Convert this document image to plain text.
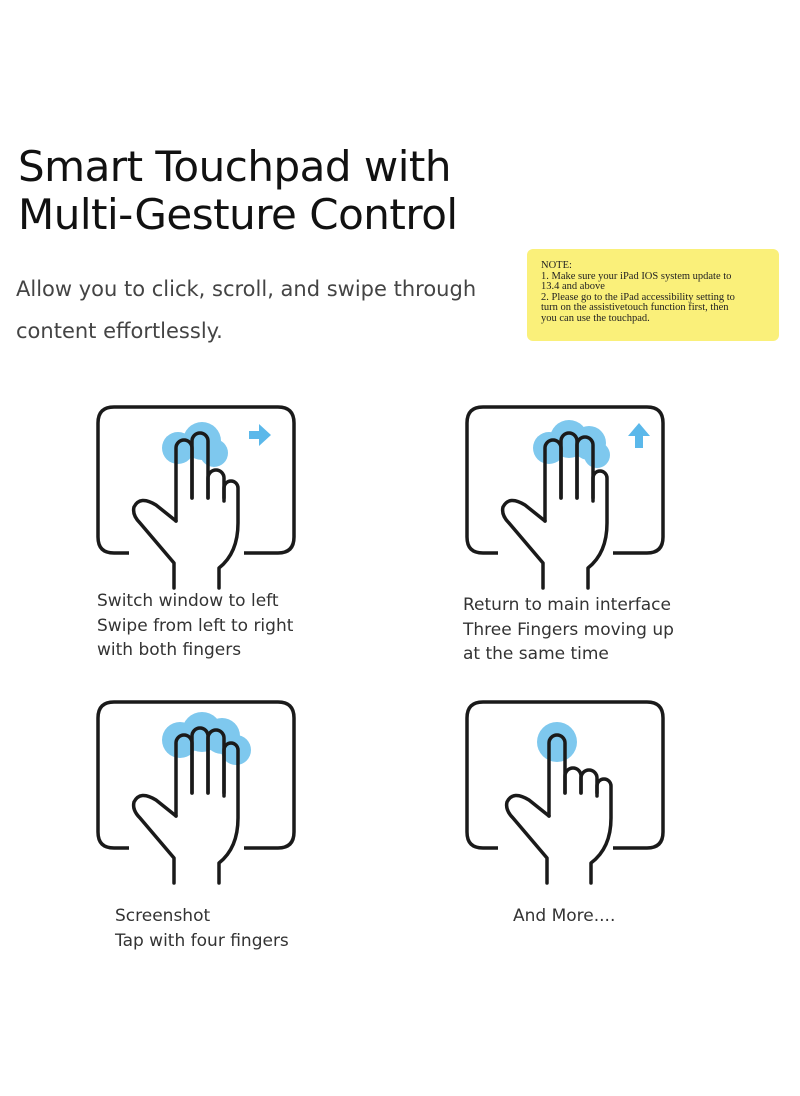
Smart Touchpad with
Multi-Gesture Control

Allow you to click, scroll, and swipe through
content effortlessly.

NOTE:
1. Make sure your iPad IOS system update to
13.4 and above
2. Please go to the iPad accessibility setting to
turn on the assistivetouch function first, then
you can use the touchpad.
Switch window to left
Swipe from left to right
with both fingers
Return to main interface
Three Fingers moving up
at the same time
Screenshot
Tap with four fingers
And More....
